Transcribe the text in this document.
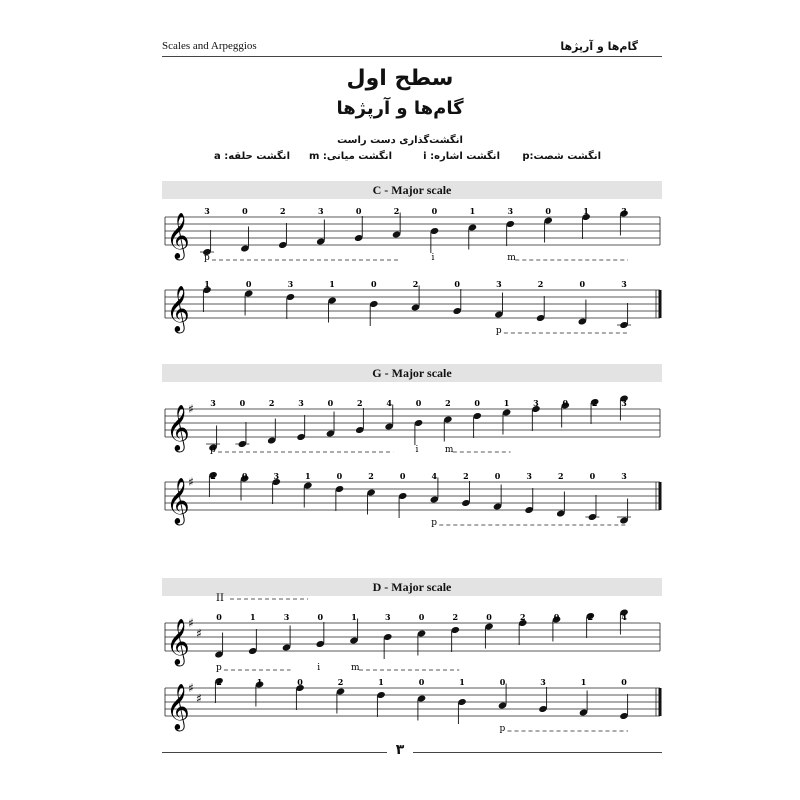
Scales and Arpeggios	گام‌ها و آرپژها
سطح اول
گام‌ها و آرپژها
انگشت‌گذاری دست راست
انگشت شصت:p
انگشت اشاره: i
انگشت میانی: m
انگشت حلقه: a
C - Major scale
G - Major scale
D - Major scale
𝄞
3	0	2	3	0	2	0	1	3	0	1	3
p	i	m
𝄞
1	0	3	1	0	2	0	3	2	0	3
p
𝄞
♯ 3	0	2	3	0	2	4	0	2	0	1	3	0	2	3
p	i	m
𝄞
♯ 2	0	3	1	0	2	0	4	2	0	3	2	0	3
p
𝄞
♯
♯
0	1	3	0	1	3	0	2	0	2	0	2	4
p	i	m
II
𝄞
♯
♯
2	1	0	2	1	0	1	0	3	1	0
p
۳
